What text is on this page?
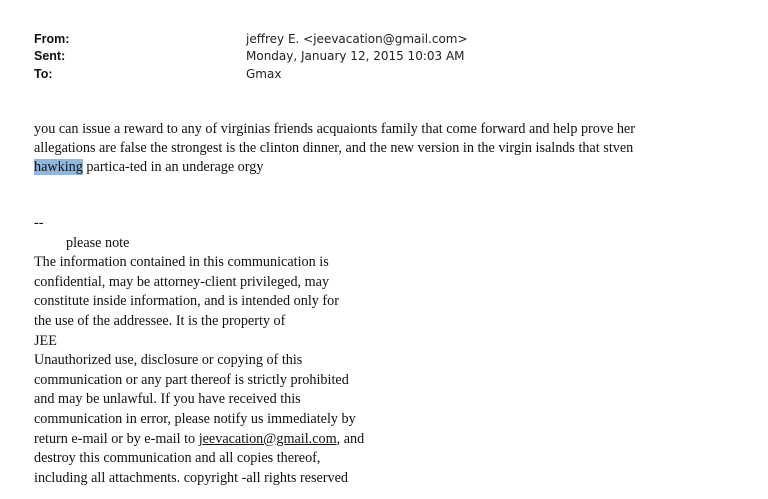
From:	jeffrey E. <jeevacation@gmail.com>
Sent:	Monday, January 12, 2015 10:03 AM
To:	Gmax

you can issue a reward to any of virginias friends acquaionts family that come forward and help prove her

allegations are false the strongest is the clinton dinner, and the new version in the virgin isalnds that stven

hawking partica-ted in an underage orgy

--
please note
The information contained in this communication is
confidential, may be attorney-client privileged, may
constitute inside information, and is intended only for
the use of the addressee. It is the property of
JEE
Unauthorized use, disclosure or copying of this
communication or any part thereof is strictly prohibited
and may be unlawful. If you have received this
communication in error, please notify us immediately by
return e-mail or by e-mail to jeevacation@gmail.com, and
destroy this communication and all copies thereof,
including all attachments. copyright -all rights reserved
